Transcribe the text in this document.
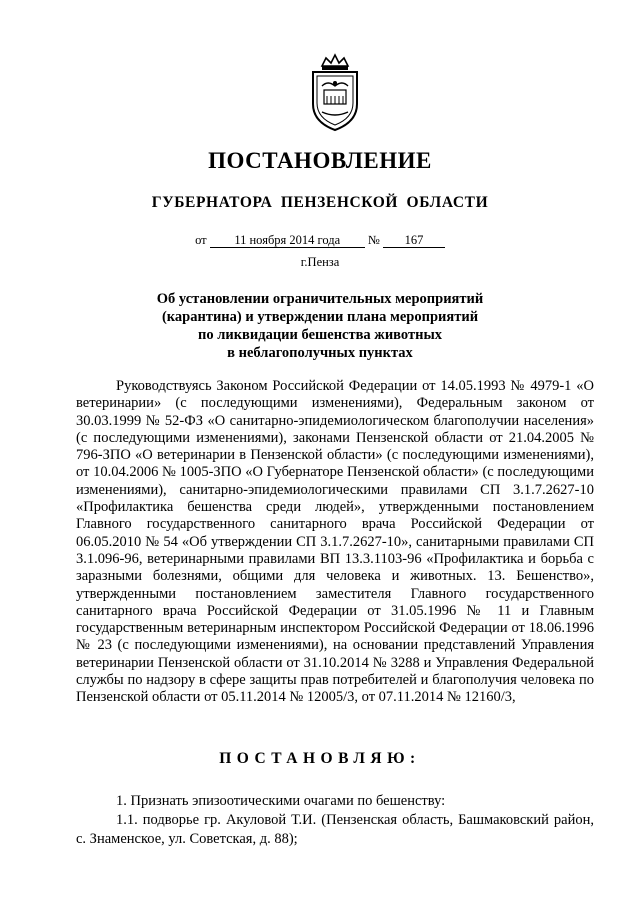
ПОСТАНОВЛЕНИЕ
ГУБЕРНАТОРА ПЕНЗЕНСКОЙ ОБЛАСТИ
от 11 ноября 2014 года № 167
г.Пенза
Об установлении ограничительных мероприятий
(карантина) и утверждении плана мероприятий
по ликвидации бешенства животных
в неблагополучных пунктах

Руководствуясь Законом Российской Федерации от 14.05.1993 № 4979-1 «О ветеринарии» (с последующими изменениями), Федеральным законом от 30.03.1999 № 52-ФЗ «О санитарно-эпидемиологическом благополучии населения» (с последующими изменениями), законами Пензенской области от 21.04.2005 № 796-ЗПО «О ветеринарии в Пензенской области» (с последующими изменениями), от 10.04.2006 № 1005-ЗПО «О Губернаторе Пензенской области» (с последующими изменениями), санитарно-эпидемиологическими правилами СП 3.1.7.2627-10 «Профилактика бешенства среди людей», утвержденными постановлением Главного государственного санитарного врача Российской Федерации от 06.05.2010 № 54 «Об утверждении СП 3.1.7.2627-10», санитарными правилами СП 3.1.096-96, ветеринарными правилами ВП 13.3.1103-96 «Профилактика и борьба с заразными болезнями, общими для человека и животных. 13. Бешенство», утвержденными постановлением заместителя Главного государственного санитарного врача Российской Федерации от 31.05.1996 № 11 и Главным государственным ветеринарным инспектором Российской Федерации от 18.06.1996 № 23 (с последующими изменениями), на основании представлений Управления ветеринарии Пензенской области от 31.10.2014 № 3288 и Управления Федеральной службы по надзору в сфере защиты прав потребителей и благополучия человека по Пензенской области от 05.11.2014 № 12005/3, от 07.11.2014 № 12160/3,

ПОСТАНОВЛЯЮ:

1. Признать эпизоотическими очагами по бешенству:

1.1. подворье гр. Акуловой Т.И. (Пензенская область, Башмаковский район, с. Знаменское, ул. Советская, д. 88);
